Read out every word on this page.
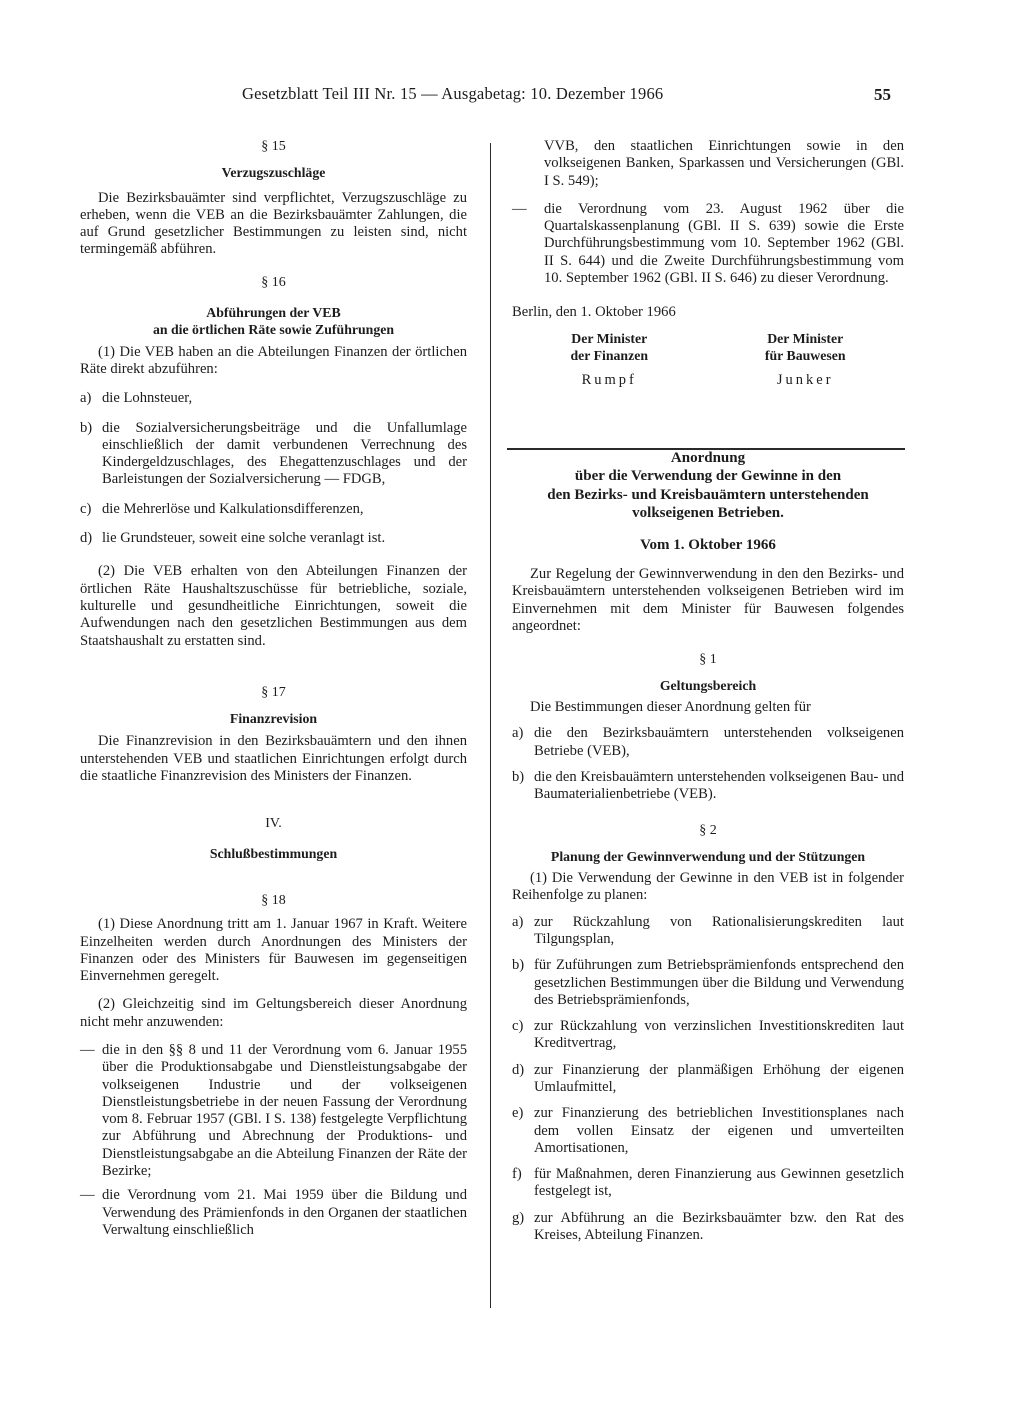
Gesetzblatt Teil III Nr. 15 — Ausgabetag: 10. Dezember 1966	55
§ 15
Verzugszuschläge

Die Bezirksbauämter sind verpflichtet, Verzugszuschläge zu erheben, wenn die VEB an die Bezirksbauämter Zahlungen, die auf Grund gesetzlicher Bestimmungen zu leisten sind, nicht termingemäß abführen.

§ 16
Abführungen der VEB
an die örtlichen Räte sowie Zuführungen

(1) Die VEB haben an die Abteilungen Finanzen der örtlichen Räte direkt abzuführen:

a) die Lohnsteuer,
b) die Sozialversicherungsbeiträge und die Unfallumlage einschließlich der damit verbundenen Verrechnung des Kindergeldzuschlages, des Ehegattenzuschlages und der Barleistungen der Sozialversicherung — FDGB,
c) die Mehrerlöse und Kalkulationsdifferenzen,
d) lie Grundsteuer, soweit eine solche veranlagt ist.

(2) Die VEB erhalten von den Abteilungen Finanzen der örtlichen Räte Haushaltszuschüsse für betriebliche, soziale, kulturelle und gesundheitliche Einrichtungen, soweit die Aufwendungen nach den gesetzlichen Bestimmungen aus dem Staatshaushalt zu erstatten sind.

§ 17
Finanzrevision

Die Finanzrevision in den Bezirksbauämtern und den ihnen unterstehenden VEB und staatlichen Einrichtungen erfolgt durch die staatliche Finanzrevision des Ministers der Finanzen.

IV.
Schlußbestimmungen
§ 18

(1) Diese Anordnung tritt am 1. Januar 1967 in Kraft. Weitere Einzelheiten werden durch Anordnungen des Ministers der Finanzen oder des Ministers für Bauwesen im gegenseitigen Einvernehmen geregelt.

(2) Gleichzeitig sind im Geltungsbereich dieser Anordnung nicht mehr anzuwenden:

— die in den §§ 8 und 11 der Verordnung vom 6. Januar 1955 über die Produktionsabgabe und Dienstleistungsabgabe der volkseigenen Industrie und der volkseigenen Dienstleistungsbetriebe in der neuen Fassung der Verordnung vom 8. Februar 1957 (GBl. I S. 138) festgelegte Verpflichtung zur Abführung und Abrechnung der Produktions- und Dienstleistungsabgabe an die Abteilung Finanzen der Räte der Bezirke;
— die Verordnung vom 21. Mai 1959 über die Bildung und Verwendung des Prämienfonds in den Organen der staatlichen Verwaltung einschließlich

VVB, den staatlichen Einrichtungen sowie in den volkseigenen Banken, Sparkassen und Versicherungen (GBl. I S. 549);

—	die Verordnung vom 23. August 1962 über die Quartalskassenplanung (GBl. II S. 639) sowie die Erste Durchführungsbestimmung vom 10. September 1962 (GBl. II S. 644) und die Zweite Durchführungsbestimmung vom 10. September 1962 (GBl. II S. 646) zu dieser Verordnung.

Berlin, den 1. Oktober 1966

Der Minister
der Finanzen
Rumpf
Der Minister
für Bauwesen
Junker
Anordnung
über die Verwendung der Gewinne in den
den Bezirks- und Kreisbauämtern unterstehenden
volkseigenen Betrieben.
Vom 1. Oktober 1966

Zur Regelung der Gewinnverwendung in den den Bezirks- und Kreisbauämtern unterstehenden volkseigenen Betrieben wird im Einvernehmen mit dem Minister für Bauwesen folgendes angeordnet:

§ 1
Geltungsbereich

Die Bestimmungen dieser Anordnung gelten für

a) die den Bezirksbauämtern unterstehenden volkseigenen Betriebe (VEB),
b) die den Kreisbauämtern unterstehenden volkseigenen Bau- und Baumaterialienbetriebe (VEB).
§ 2
Planung der Gewinnverwendung und der Stützungen

(1) Die Verwendung der Gewinne in den VEB ist in folgender Reihenfolge zu planen:

a) zur Rückzahlung von Rationalisierungskrediten laut Tilgungsplan,
b) für Zuführungen zum Betriebsprämienfonds entsprechend den gesetzlichen Bestimmungen über die Bildung und Verwendung des Betriebsprämienfonds,
c) zur Rückzahlung von verzinslichen Investitionskrediten laut Kreditvertrag,
d) zur Finanzierung der planmäßigen Erhöhung der eigenen Umlaufmittel,
e) zur Finanzierung des betrieblichen Investitionsplanes nach dem vollen Einsatz der eigenen und umverteilten Amortisationen,
f) für Maßnahmen, deren Finanzierung aus Gewinnen gesetzlich festgelegt ist,
g) zur Abführung an die Bezirksbauämter bzw. den Rat des Kreises, Abteilung Finanzen.
